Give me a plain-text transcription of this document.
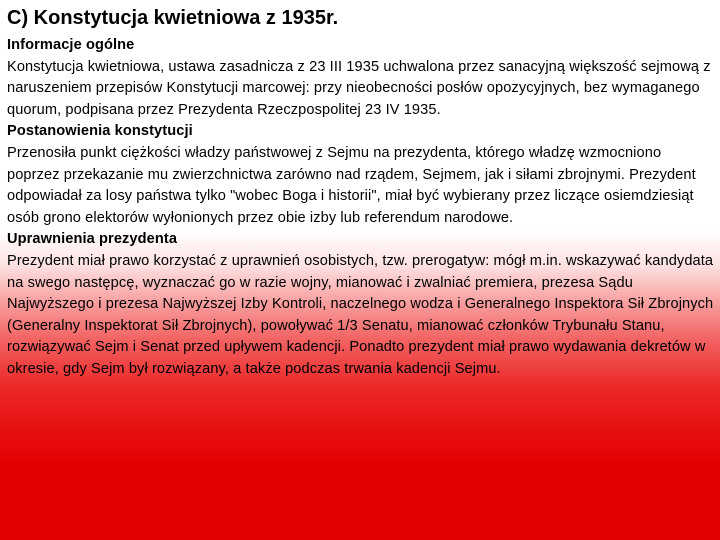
C) Konstytucja kwietniowa z 1935r.

Informacje ogólne

Konstytucja kwietniowa, ustawa zasadnicza z 23 III 1935 uchwalona przez sanacyjną większość sejmową z naruszeniem przepisów Konstytucji marcowej: przy nieobecności posłów opozycyjnych, bez wymaganego quorum, podpisana przez Prezydenta Rzeczpospolitej 23 IV 1935.

Postanowienia konstytucji

Przenosiła punkt ciężkości władzy państwowej z Sejmu na prezydenta, którego władzę wzmocniono poprzez przekazanie mu zwierzchnictwa zarówno nad rządem, Sejmem, jak i siłami zbrojnymi. Prezydent odpowiadał za losy państwa tylko "wobec Boga i historii", miał być wybierany przez liczące osiemdziesiąt osób grono elektorów wyłonionych przez obie izby lub referendum narodowe.

Uprawnienia prezydenta

Prezydent miał prawo korzystać z uprawnień osobistych, tzw. prerogatyw: mógł m.in. wskazywać kandydata na swego następcę, wyznaczać go w razie wojny, mianować i zwalniać premiera, prezesa Sądu Najwyższego i prezesa Najwyższej Izby Kontroli, naczelnego wodza i Generalnego Inspektora Sił Zbrojnych (Generalny Inspektorat Sił Zbrojnych), powoływać 1/3 Senatu, mianować członków Trybunału Stanu, rozwiązywać Sejm i Senat przed upływem kadencji. Ponadto prezydent miał prawo wydawania dekretów w okresie, gdy Sejm był rozwiązany, a także podczas trwania kadencji Sejmu.
